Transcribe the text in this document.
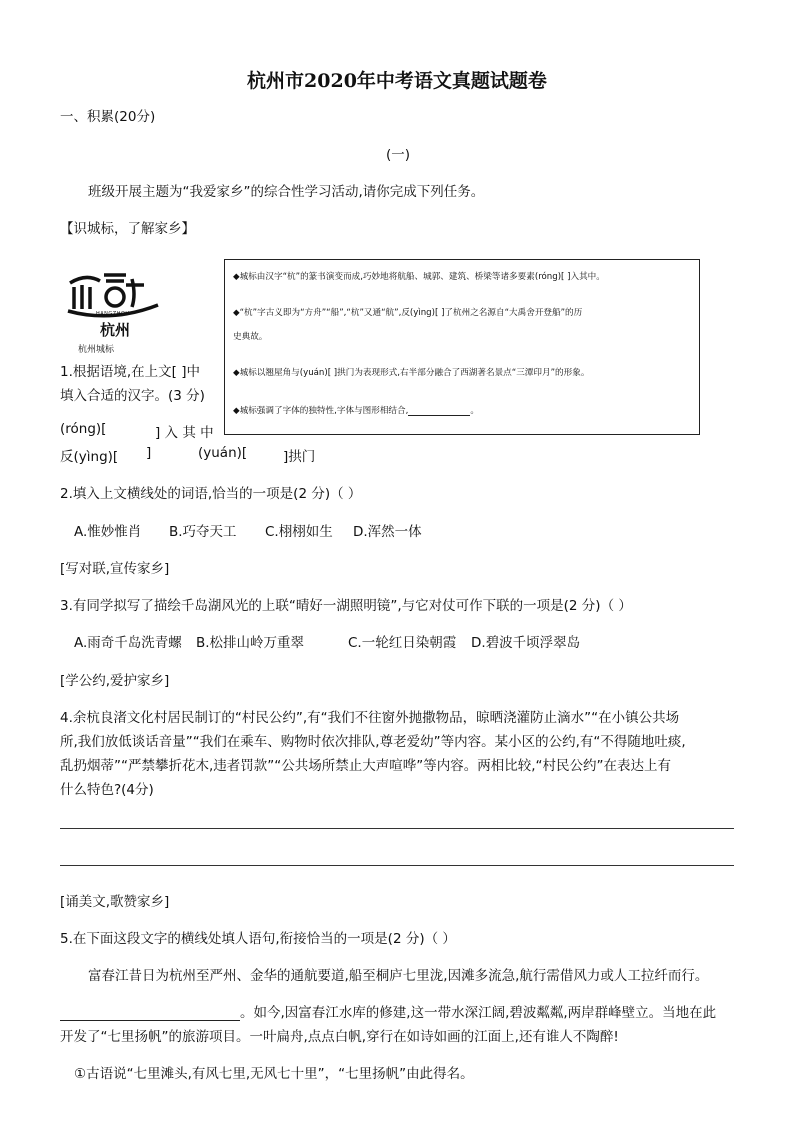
杭州市2020年中考语文真题试题卷
一、积累(20分)
(一)
班级开展主题为“我爱家乡”的综合性学习活动,请你完成下列任务。
【识城标，了解家乡】
HANGZHOU
杭州
杭州城标
◆城标由汉字“杭”的篆书演变而成,巧妙地将航船、城郭、建筑、桥梁等诸多要素(róng)[ ]入其中。
◆“杭”字古义即为“方舟”“船”,“杭”又通“航”,反(yìng)[ ]了杭州之名源自“大禹舍开登船”的历
史典故。
◆城标以翘屋角与(yuán)[ ]拱门为表现形式,右半部分融合了西湖著名景点“三潭印月”的形象。
◆城标强调了字体的独特性,字体与图形相结合,	。
1.根据语境,在上文[ ]中
填入合适的汉字。(3 分)
(róng)[	] 入 其 中
反(yìng)[ ]	(yuán)[	]拱门
2.填入上文横线处的词语,恰当的一项是(2 分)（ ）
A.惟妙惟肖 B.巧夺天工 C.栩栩如生 D.浑然一体
[写对联,宣传家乡]
3.有同学拟写了描绘千岛湖风光的上联“晴好一湖照明镜”,与它对仗可作下联的一项是(2 分)（ ）
A.雨奇千岛洗青螺 B.松排山岭万重翠	C.一轮红日染朝霞 D.碧波千顷浮翠岛
[学公约,爱护家乡]
4.余杭良渚文化村居民制订的“村民公约”,有“我们不往窗外抛撒物品，晾晒浇灌防止滴水”“在小镇公共场
所,我们放低谈话音量”“我们在乘车、购物时依次排队,尊老爱幼”等内容。某小区的公约,有“不得随地吐痰,
乱扔烟蒂”“严禁攀折花木,违者罚款”“公共场所禁止大声喧哗”等内容。两相比较,“村民公约”在表达上有
什么特色?(4分)
[诵美文,歌赞家乡]
5.在下面这段文字的横线处填人语句,衔接恰当的一项是(2 分)（ ）
富春江昔日为杭州至严州、金华的通航要道,船至桐庐七里泷,因滩多流急,航行需借风力或人工拉纤而行。
。如今,因富春江水库的修建,这一带水深江阔,碧波粼粼,两岸群峰壁立。当地在此
开发了“七里扬帆”的旅游项目。一叶扁舟,点点白帆,穿行在如诗如画的江面上,还有谁人不陶醉!
①古语说“七里滩头,有风七里,无风七十里”，“七里扬帆”由此得名。
